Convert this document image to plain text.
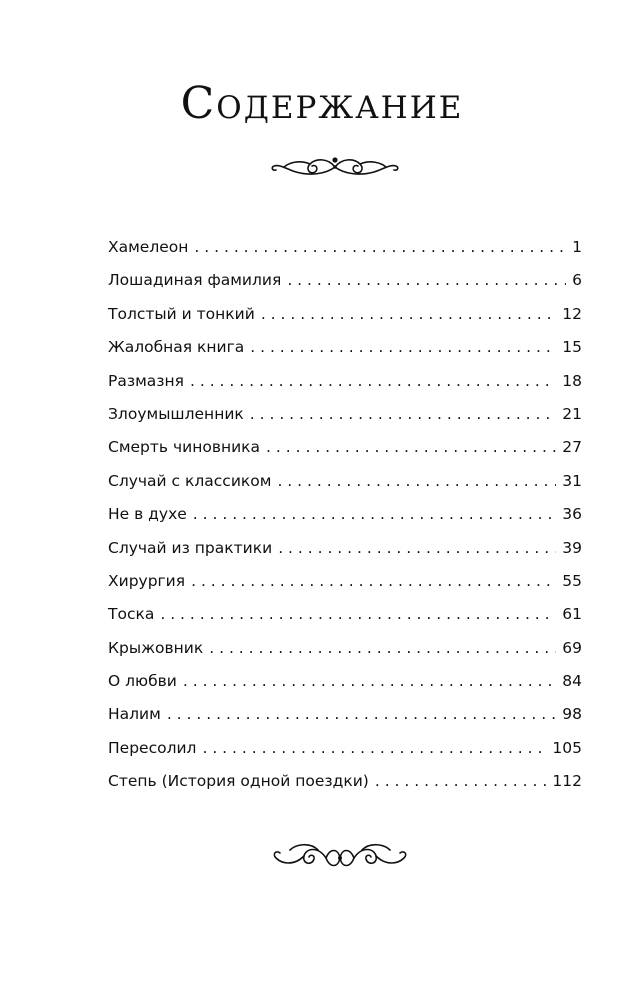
Содержание
Хамелеон . . .	1
Лошадиная фамилия . . .	6
Толстый и тонкий . . .	12
Жалобная книга . . .	15
Размазня . . .	18
Злоумышленник . . .	21
Смерть чиновника . . .	27
Случай с классиком . . .	31
Не в духе . . .	36
Случай из практики . . .	39
Хирургия . . .	55
Тоска . . .	61
Крыжовник . . .	69
О любви . . .	84
Налим . . .	98
Пересолил . . .	105
Степь (История одной поездки) . . .	112
